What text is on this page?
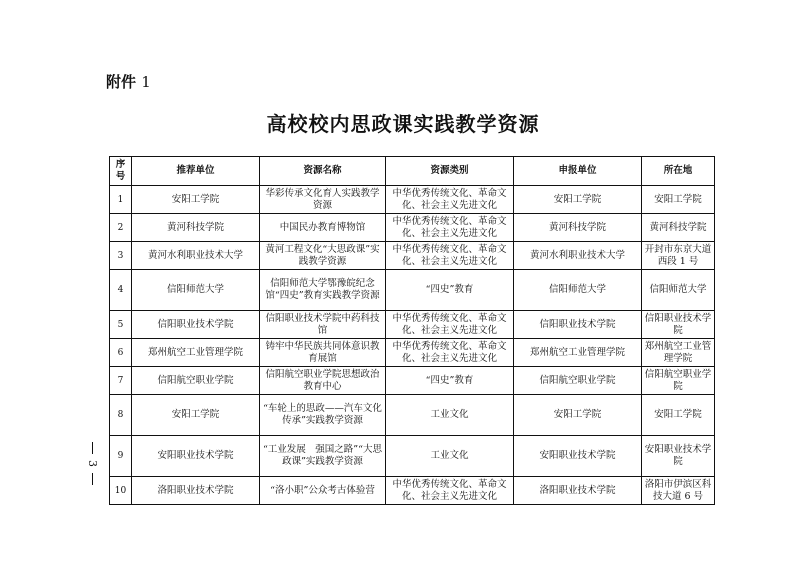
附件 1
高校校内思政课实践教学资源
3
序号	推荐单位	资源名称	资源类别	申报单位	所在地
1	安阳工学院	华彩传承文化育人实践教学资源	中华优秀传统文化、革命文化、社会主义先进文化	安阳工学院	安阳工学院
2	黄河科技学院	中国民办教育博物馆	中华优秀传统文化、革命文化、社会主义先进文化	黄河科技学院	黄河科技学院
3	黄河水利职业技术大学	黄河工程文化“大思政课”实践教学资源	中华优秀传统文化、革命文化、社会主义先进文化	黄河水利职业技术大学	开封市东京大道西段 1 号
4	信阳师范大学	信阳师范大学鄂豫皖纪念馆“四史”教育实践教学资源	“四史”教育	信阳师范大学	信阳师范大学
5	信阳职业技术学院	信阳职业技术学院中药科技馆	中华优秀传统文化、革命文化、社会主义先进文化	信阳职业技术学院	信阳职业技术学院
6	郑州航空工业管理学院	铸牢中华民族共同体意识教育展馆	中华优秀传统文化、革命文化、社会主义先进文化	郑州航空工业管理学院	郑州航空工业管理学院
7	信阳航空职业学院	信阳航空职业学院思想政治教育中心	“四史”教育	信阳航空职业学院	信阳航空职业学院
8	安阳工学院	“车轮上的思政——汽车文化传承”实践教学资源	工业文化	安阳工学院	安阳工学院
9	安阳职业技术学院	“工业发展　强国之路”“大思政课”实践教学资源	工业文化	安阳职业技术学院	安阳职业技术学院
10	洛阳职业技术学院	“洛小职”公众考古体验营	中华优秀传统文化、革命文化、社会主义先进文化	洛阳职业技术学院	洛阳市伊滨区科技大道 6 号
